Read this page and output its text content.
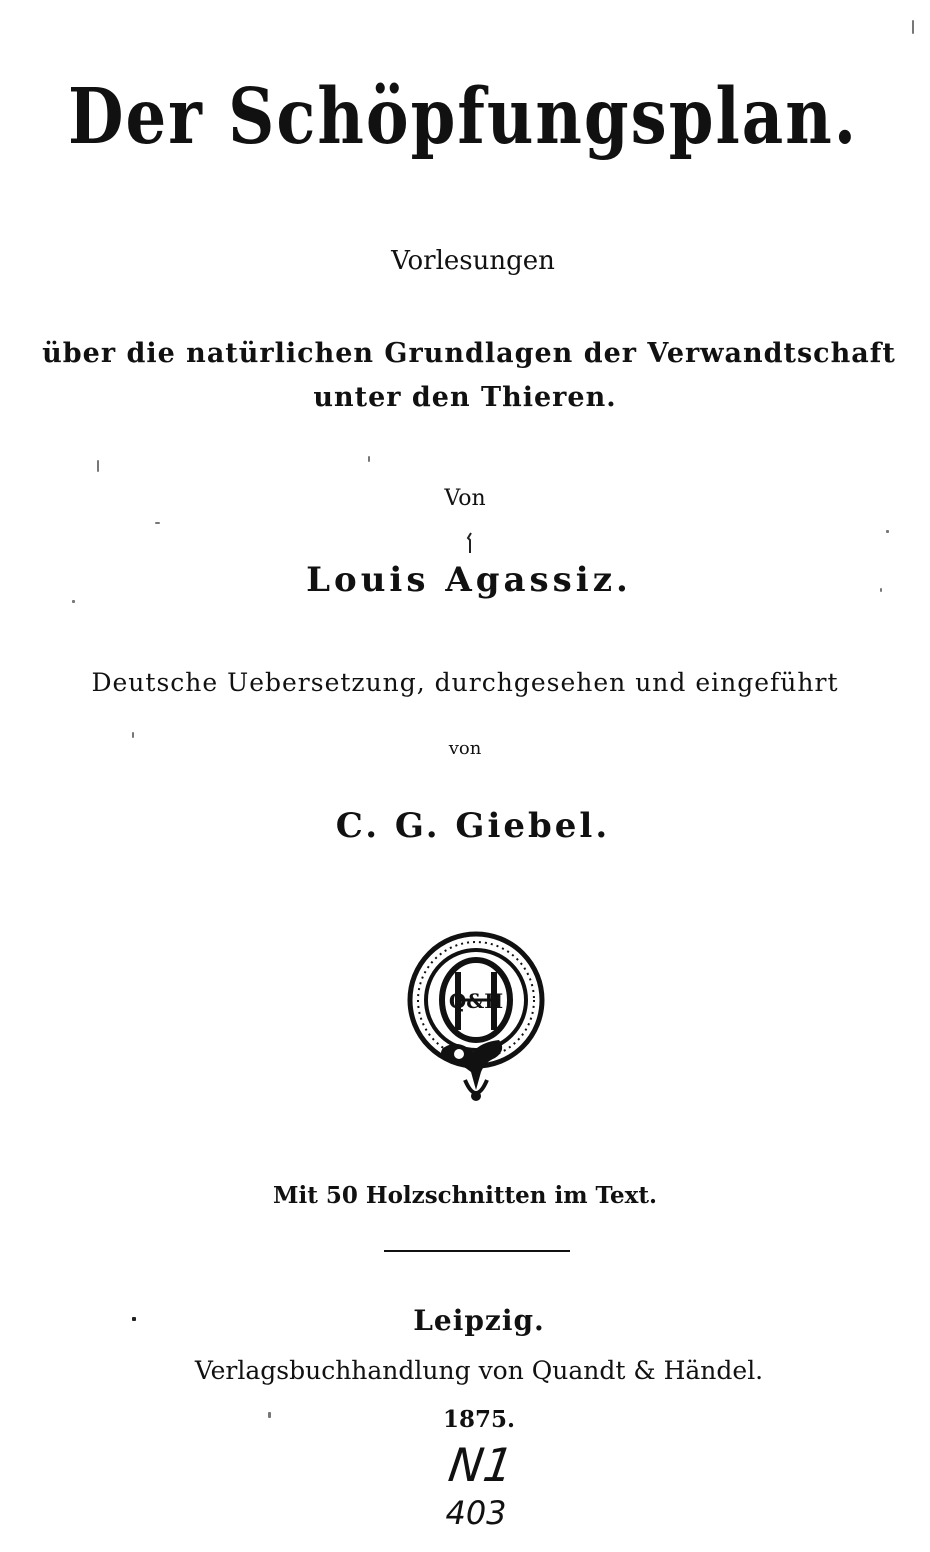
Der Schöpfungsplan.
Vorlesungen
über die natürlichen Grundlagen der Verwandtschaft
unter den Thieren.
Von
Louis Agassiz.
Deutsche Uebersetzung, durchgesehen und eingeführt
von
C. G. Giebel.
Q&H
Mit 50 Holzschnitten im Text.
Leipzig.
Verlagsbuchhandlung von Quandt & Händel.
1875.
N1
403
